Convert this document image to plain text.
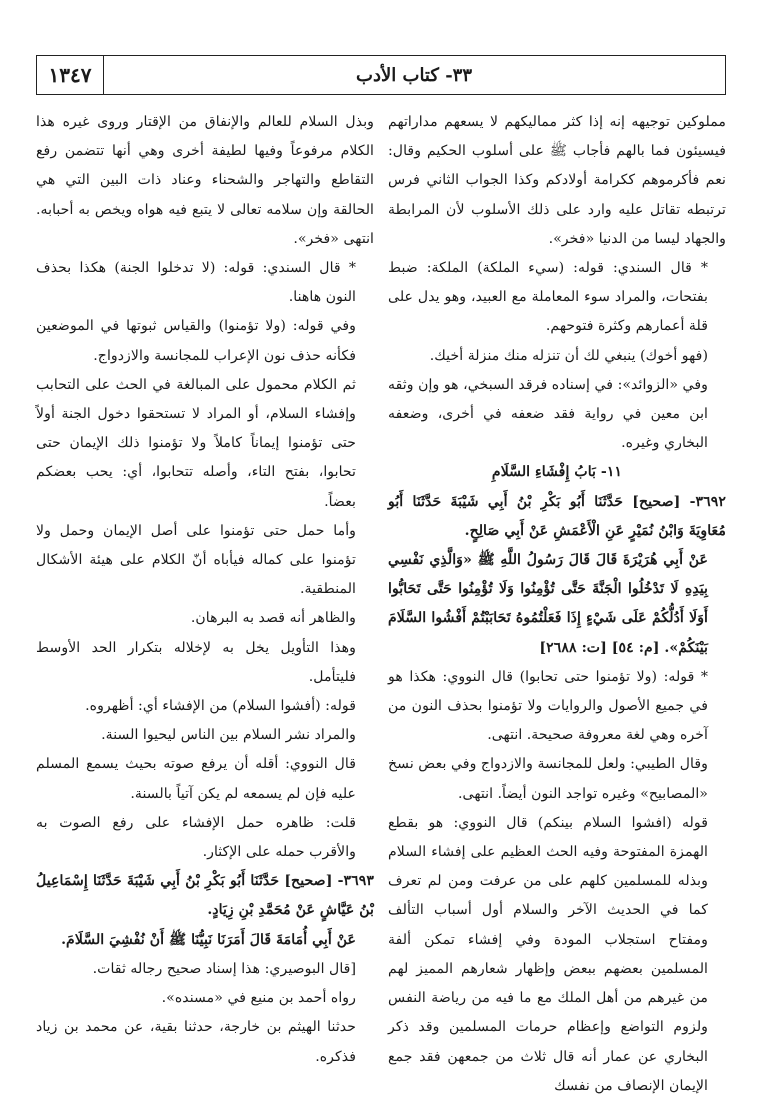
١٣٤٧	٣٣- كتاب الأدب

مملوكين توجيهه إنه إذا كثر مماليكهم لا يسعهم مداراتهم فيسيئون فما بالهم فأجاب ﷺ على أسلوب الحكيم وقال: نعم فأكرموهم ككرامة أولادكم وكذا الجواب الثاني فرس ترتبطه تقاتل عليه وارد على ذلك الأسلوب لأن المرابطة والجهاد ليسا من الدنيا «فخر».

* قال السندي: قوله: (سيء الملكة) الملكة: ضبط بفتحات، والمراد سوء المعاملة مع العبيد، وهو يدل على قلة أعمارهم وكثرة فتوحهم.

(فهو أخوك) ينبغي لك أن تنزله منك منزلة أخيك.

وفي «الزوائد»: في إسناده فرقد السبخي، هو وإن وثقه ابن معين في رواية فقد ضعفه في أخرى، وضعفه البخاري وغيره.

١١- بَابُ إِفْشَاءِ السَّلَامِ

٣٦٩٢- [صحيح] حَدَّثَنَا أَبُو بَكْرِ بْنُ أَبِي شَيْبَةَ حَدَّثَنَا أَبُو مُعَاوِيَةَ وَابْنُ نُمَيْرٍ عَنِ الْأَعْمَشِ عَنْ أَبِي صَالِحٍ.

عَنْ أَبِي هُرَيْرَةَ قَالَ قَالَ رَسُولُ اللَّهِ ﷺ «وَالَّذِي نَفْسِي بِيَدِهِ لَا تَدْخُلُوا الْجَنَّةَ حَتَّى تُؤْمِنُوا وَلَا تُؤْمِنُوا حَتَّى تَحَابُّوا أَوَلَا أَدُلُّكُمْ عَلَى شَيْءٍ إِذَا فَعَلْتُمُوهُ تَحَابَبْتُمْ أَفْشُوا السَّلَامَ بَيْنَكُمْ». [م: ٥٤] [ت: ٢٦٨٨]

* قوله: (ولا تؤمنوا حتى تحابوا) قال النووي: هكذا هو في جميع الأصول والروايات ولا تؤمنوا بحذف النون من آخره وهي لغة معروفة صحيحة. انتهى.

وقال الطيبي: ولعل للمجانسة والازدواج وفي بعض نسخ «المصابيح» وغيره تواجد النون أيضاً. انتهى.

قوله (افشوا السلام بينكم) قال النووي: هو بقطع الهمزة المفتوحة وفيه الحث العظيم على إفشاء السلام وبذله للمسلمين كلهم على من عرفت ومن لم تعرف كما في الحديث الآخر والسلام أول أسباب التألف ومفتاح استجلاب المودة وفي إفشاء تمكن ألفة المسلمين بعضهم ببعض وإظهار شعارهم المميز لهم من غيرهم من أهل الملك مع ما فيه من رياضة النفس ولزوم التواضع وإعظام حرمات المسلمين وقد ذكر البخاري عن عمار أنه قال ثلاث من جمعهن فقد جمع الإيمان الإنصاف من نفسك

وبذل السلام للعالم والإنفاق من الإقتار وروى غيره هذا الكلام مرفوعاً وفيها لطيفة أخرى وهي أنها تتضمن رفع التقاطع والتهاجر والشحناء وعناد ذات البين التي هي الحالقة وإن سلامه تعالى لا يتبع فيه هواه ويخص به أحبابه. انتهى «فخر».

* قال السندي: قوله: (لا تدخلوا الجنة) هكذا بحذف النون هاهنا.

وفي قوله: (ولا تؤمنوا) والقياس ثبوتها في الموضعين فكأنه حذف نون الإعراب للمجانسة والازدواج.

ثم الكلام محمول على المبالغة في الحث على التحابب وإفشاء السلام، أو المراد لا تستحقوا دخول الجنة أولاً حتى تؤمنوا إيماناً كاملاً ولا تؤمنوا ذلك الإيمان حتى تحابوا، بفتح التاء، وأصله تتحابوا، أي: يحب بعضكم بعضاً.

وأما حمل حتى تؤمنوا على أصل الإيمان وحمل ولا تؤمنوا على كماله فيأباه أنّ الكلام على هيئة الأشكال المنطقية.

والظاهر أنه قصد به البرهان.

وهذا التأويل يخل به لإخلاله بتكرار الحد الأوسط فليتأمل.

قوله: (أفشوا السلام) من الإفشاء أي: أظهروه.

والمراد نشر السلام بين الناس ليحيوا السنة.

قال النووي: أقله أن يرفع صوته بحيث يسمع المسلم عليه فإن لم يسمعه لم يكن آتياً بالسنة.

قلت: ظاهره حمل الإفشاء على رفع الصوت به والأقرب حمله على الإكثار.

٣٦٩٣- [صحيح] حَدَّثَنَا أَبُو بَكْرِ بْنُ أَبِي شَيْبَةَ حَدَّثَنَا إِسْمَاعِيلُ بْنُ عَيَّاشٍ عَنْ مُحَمَّدِ بْنِ زِيَادٍ.

عَنْ أَبِي أُمَامَةَ قَالَ أَمَرَنَا نَبِيُّنَا ﷺ أَنْ نُفْشِيَ السَّلَامَ.

[قال البوصيري: هذا إسناد صحيح رجاله ثقات.

رواه أحمد بن منيع في «مسنده».

حدثنا الهيثم بن خارجة، حدثنا بقية، عن محمد بن زياد فذكره.
